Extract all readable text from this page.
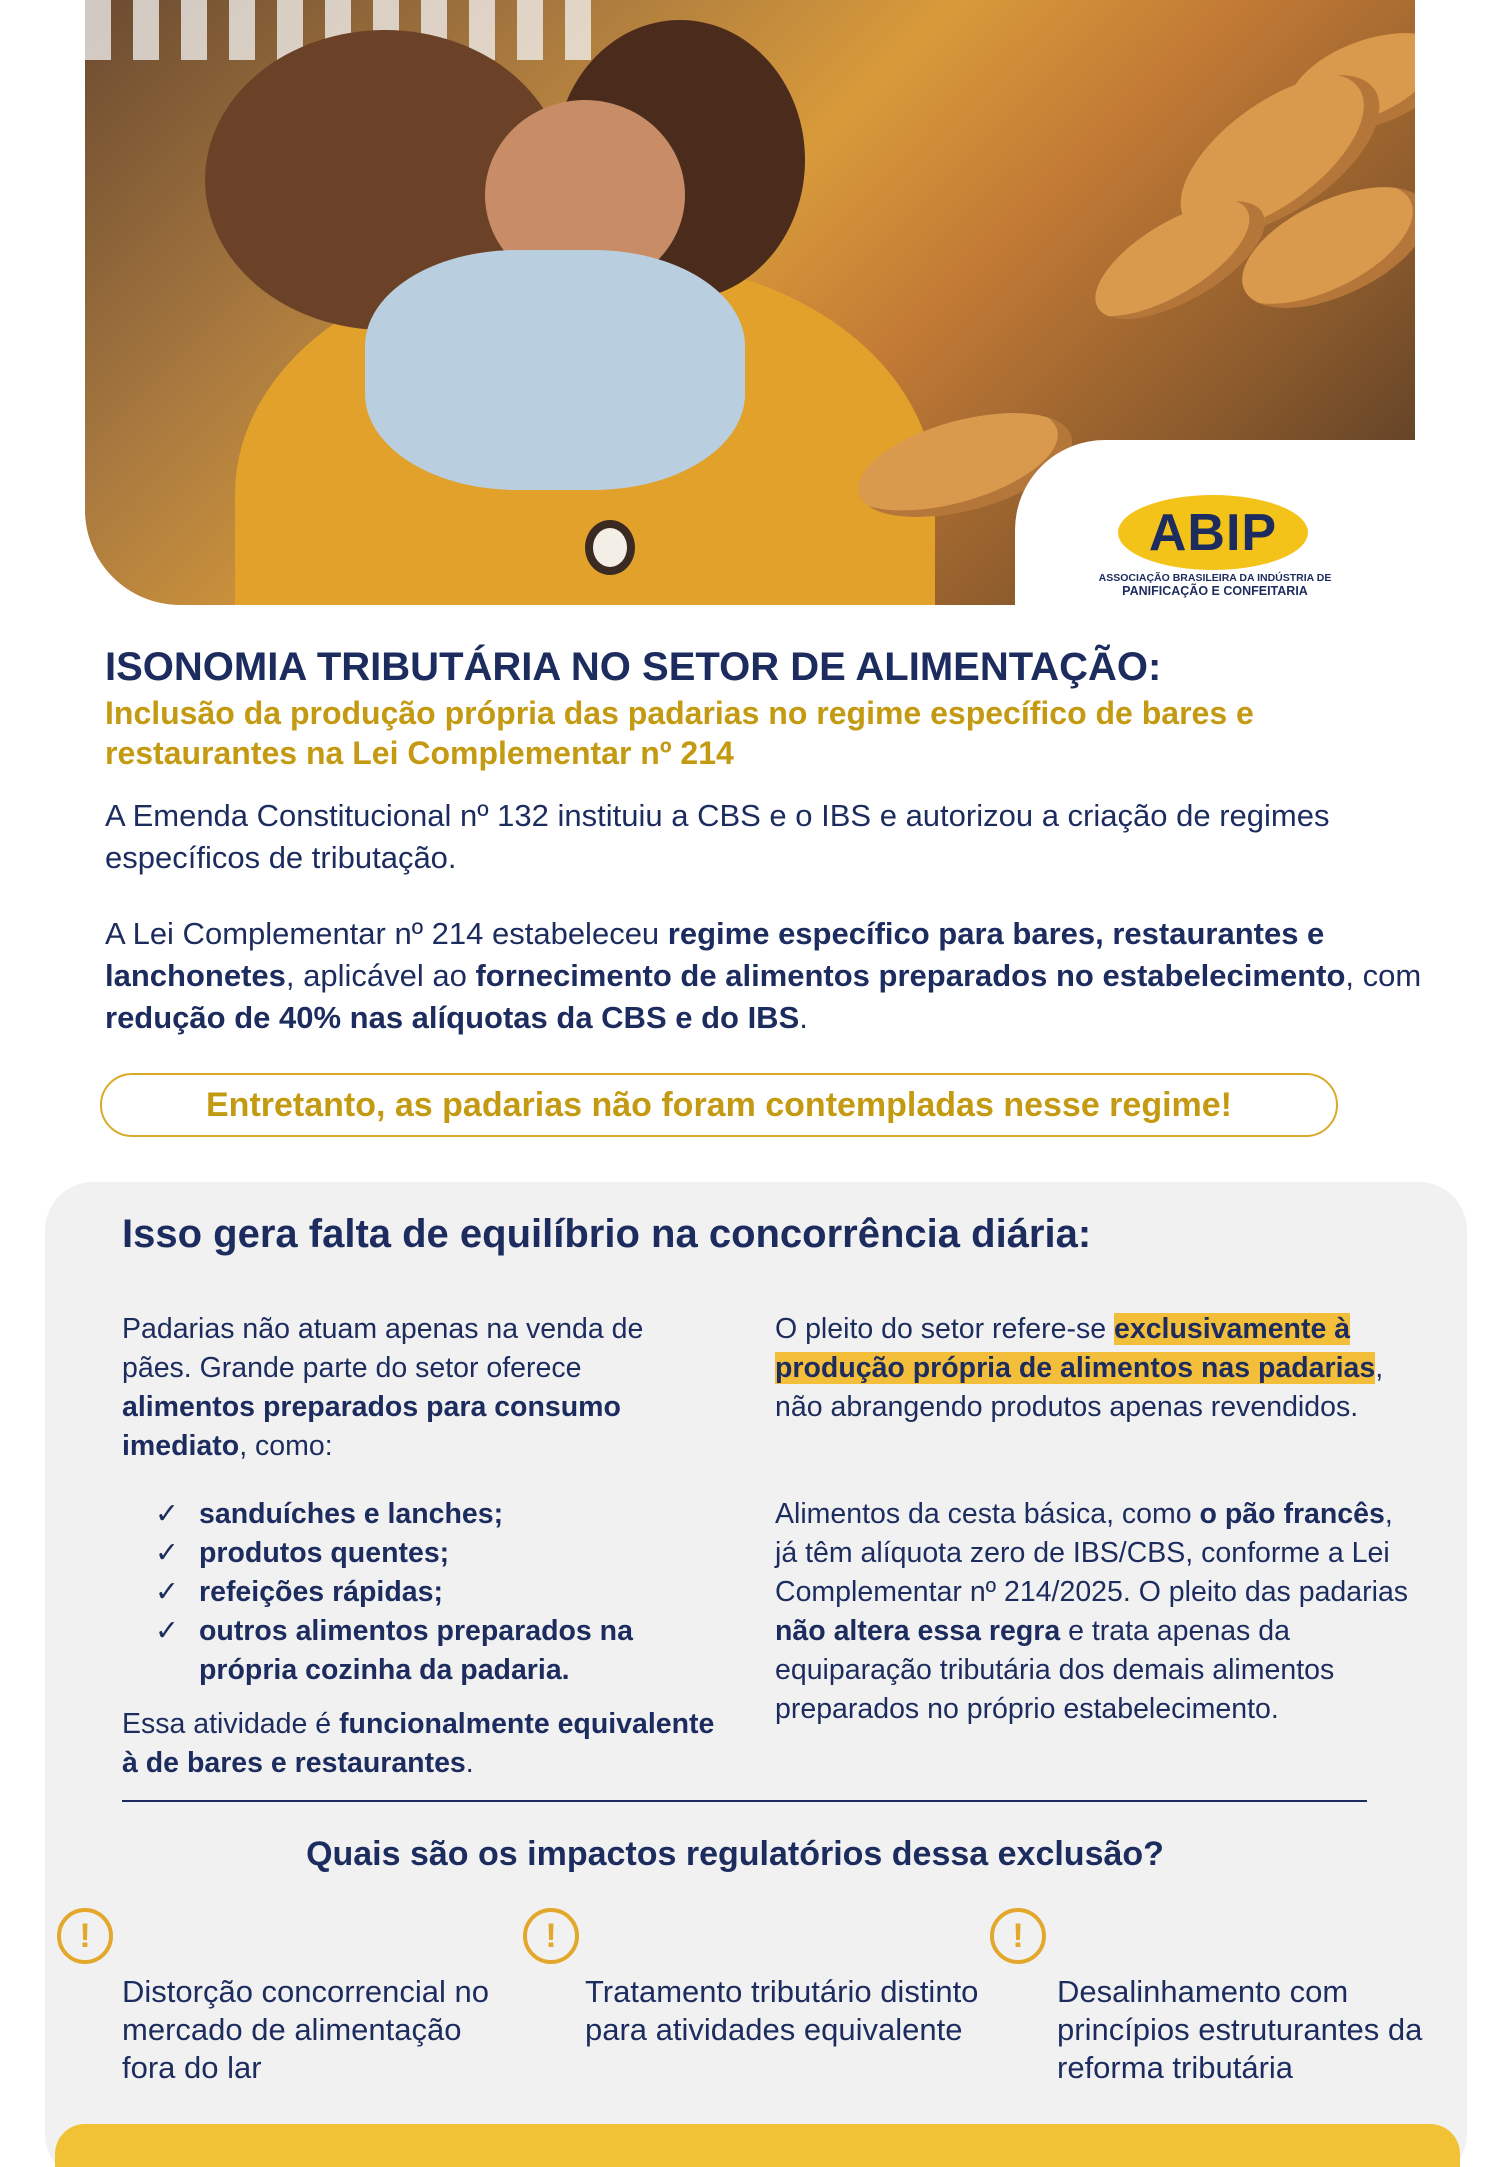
ABIP
ASSOCIAÇÃO BRASILEIRA DA INDÚSTRIA DE
PANIFICAÇÃO E CONFEITARIA
ISONOMIA TRIBUTÁRIA NO SETOR DE ALIMENTAÇÃO:
Inclusão da produção própria das padarias no regime específico de bares e restaurantes na Lei Complementar nº 214

A Emenda Constitucional nº 132 instituiu a CBS e o IBS e autorizou a criação de regimes específicos de tributação.

A Lei Complementar nº 214 estabeleceu regime específico para bares, restaurantes e lanchonetes, aplicável ao fornecimento de alimentos preparados no estabelecimento, com redução de 40% nas alíquotas da CBS e do IBS.

Entretanto, as padarias não foram contempladas nesse regime!
Isso gera falta de equilíbrio na concorrência diária:

Padarias não atuam apenas na venda de pães. Grande parte do setor oferece alimentos preparados para consumo imediato, como:

✓ sanduíches e lanches;
✓ produtos quentes;
✓ refeições rápidas;
✓ outros alimentos preparados na própria cozinha da padaria.

Essa atividade é funcionalmente equivalente à de bares e restaurantes.

O pleito do setor refere-se exclusivamente à produção própria de alimentos nas padarias, não abrangendo produtos apenas revendidos.

Alimentos da cesta básica, como o pão francês, já têm alíquota zero de IBS/CBS, conforme a Lei Complementar nº 214/2025. O pleito das padarias não altera essa regra e trata apenas da equiparação tributária dos demais alimentos preparados no próprio estabelecimento.

Quais são os impactos regulatórios dessa exclusão?
!	!	!

Distorção concorrencial no mercado de alimentação fora do lar

Tratamento tributário distinto para atividades equivalente

Desalinhamento com princípios estruturantes da reforma tributária
